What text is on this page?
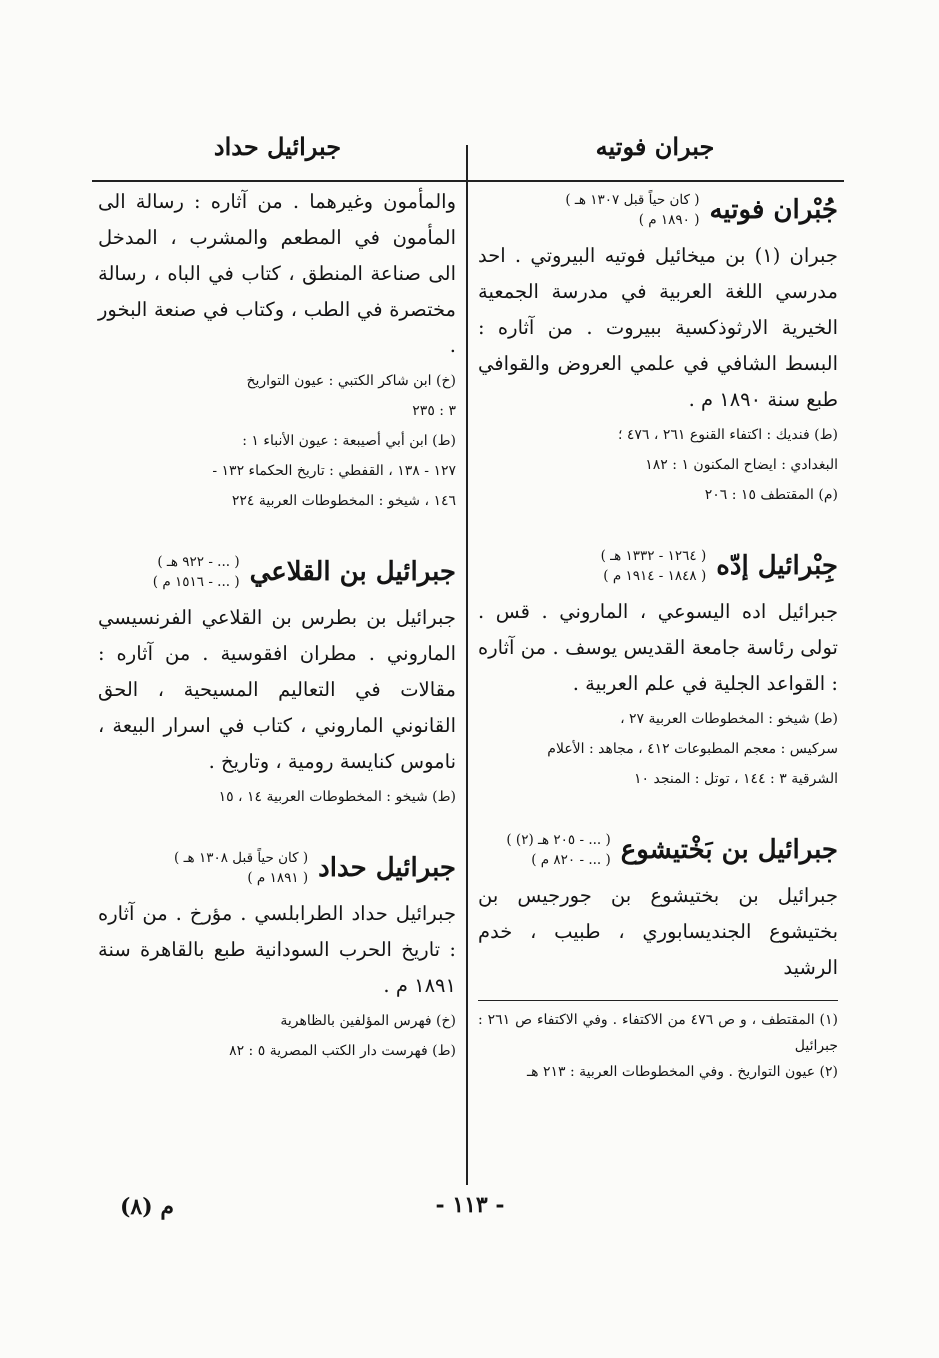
جبران فوتيه
جبرائيل حداد
جُبْران فوتيه
( كان حياً قبل ١٣٠٧ هـ )
( ١٨٩٠ م )

جبران (١) بن ميخائيل فوتيه البيروتي . احد مدرسي اللغة العربية في مدرسة الجمعية الخيرية الارثوذكسية ببيروت . من آثاره : البسط الشافي في علمي العروض والقوافي طبع سنة ١٨٩٠ م .

(ط) فنديك : اكتفاء القنوع ٢٦١ ، ٤٧٦ ؛

البغدادي : ايضاح المكنون ١ : ١٨٢

(م) المقتطف ١٥ : ٢٠٦

جِبْرائيل إدّه
( ١٢٦٤ - ١٣٣٢ هـ )
( ١٨٤٨ - ١٩١٤ م )

جبرائيل اده اليسوعي ، الماروني . قس . تولى رئاسة جامعة القديس يوسف . من آثاره : القواعد الجلية في علم العربية .

(ط) شيخو : المخطوطات العربية ٢٧ ،

سركيس : معجم المطبوعات ٤١٢ ، مجاهد : الأعلام

الشرقية ٣ : ١٤٤ ، توتل : المنجد ١٠

جبرائيل بن بَخْتيشوع
( ... - ٢٠٥ هـ (٢) )
( ... - ٨٢٠ م )

جبرائيل بن بختيشوع بن جورجيس بن بختيشوع الجنديسابوري ، طبيب ، خدم الرشيد

(١) المقتطف ، و ص ٤٧٦ من الاكتفاء . وفي الاكتفاء ص ٢٦١ : جبرائيل

(٢) عيون التواريخ . وفي المخطوطات العربية : ٢١٣ هـ

والمأمون وغيرهما . من آثاره : رسالة الى المأمون في المطعم والمشرب ، المدخل الى صناعة المنطق ، كتاب في الباه ، رسالة مختصرة في الطب ، وكتاب في صنعة البخور .

(خ) ابن شاكر الكتبي : عيون التواريخ

٣ : ٢٣٥

(ط) ابن أبي أصيبعة : عيون الأنباء ١ :

١٢٧ - ١٣٨ ، القفطي : تاريخ الحكماء ١٣٢ -

١٤٦ ، شيخو : المخطوطات العربية ٢٢٤

جبرائيل بن القلاعي
( ... - ٩٢٢ هـ )
( ... - ١٥١٦ م )

جبرائيل بن بطرس بن القلاعي الفرنسيسي الماروني . مطران افقوسية . من آثاره : مقالات في التعاليم المسيحية ، الحق القانوني الماروني ، كتاب في اسرار البيعة ، ناموس كنايسة رومية ، وتاريخ .

(ط) شيخو : المخطوطات العربية ١٤ ، ١٥

جبرائيل حداد
( كان حياً قبل ١٣٠٨ هـ )
( ١٨٩١ م )

جبرائيل حداد الطرابلسي . مؤرخ . من آثاره : تاريخ الحرب السودانية طبع بالقاهرة سنة ١٨٩١ م .

(خ) فهرس المؤلفين بالظاهرية

(ط) فهرست دار الكتب المصرية ٥ : ٨٢

- ١١٣ -
م (٨)
